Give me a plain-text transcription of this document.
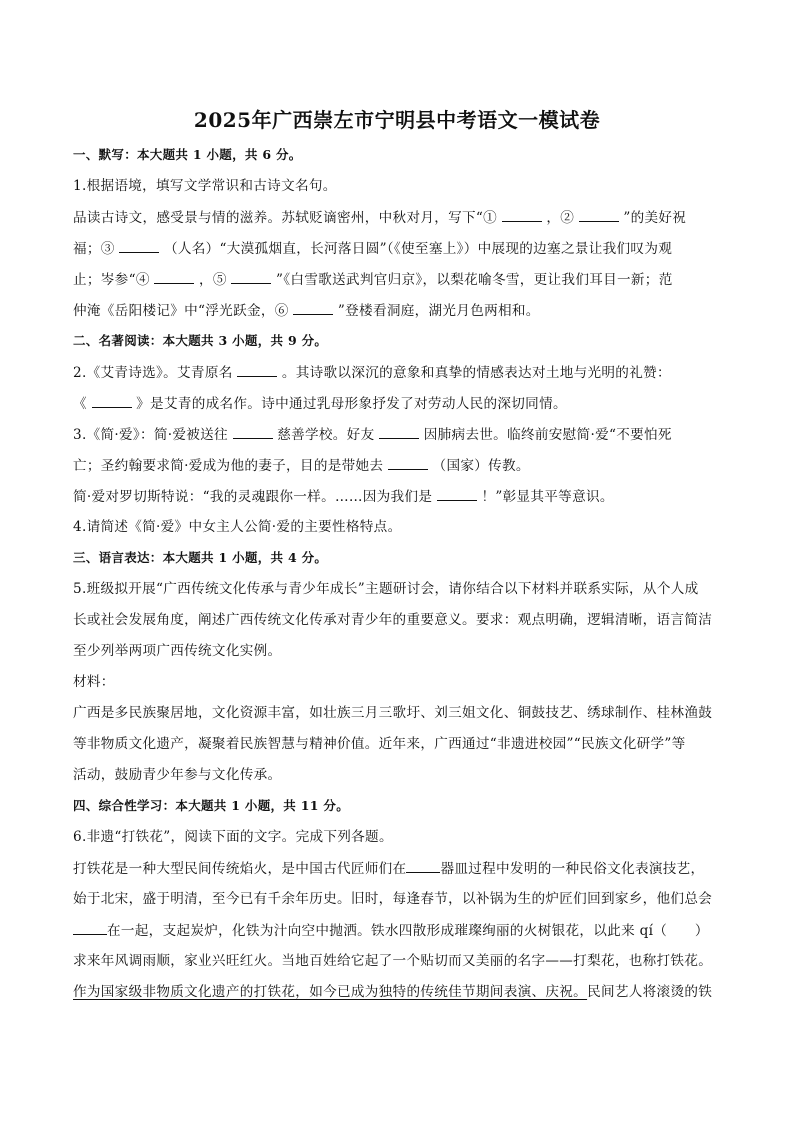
2025年广西崇左市宁明县中考语文一模试卷
一、默写：本大题共 1 小题，共 6 分。
1.根据语境，填写文学常识和古诗文名句。
品读古诗文，感受景与情的滋养。苏轼贬谪密州，中秋对月，写下“①	，②	”的美好祝
福；③	（人名）“大漠孤烟直，长河落日圆”（《使至塞上》）中展现的边塞之景让我们叹为观
止；岑参“④	，⑤	”《白雪歌送武判官归京》，以梨花喻冬雪，更让我们耳目一新；范
仲淹《岳阳楼记》中“浮光跃金，⑥	”登楼看洞庭，湖光月色两相和。
二、名著阅读：本大题共 3 小题，共 9 分。
2.《艾青诗选》。艾青原名	。其诗歌以深沉的意象和真挚的情感表达对土地与光明的礼赞：
《	》是艾青的成名作。诗中通过乳母形象抒发了对劳动人民的深切同情。
3.《简·爱》：简·爱被送往	慈善学校。好友	因肺病去世。临终前安慰简·爱“不要怕死
亡；圣约翰要求简·爱成为他的妻子，目的是带她去	（国家）传教。
简·爱对罗切斯特说：“我的灵魂跟你一样。……因为我们是	！”彰显其平等意识。
4.请简述《简·爱》中女主人公简·爱的主要性格特点。
三、语言表达：本大题共 1 小题，共 4 分。
5.班级拟开展“广西传统文化传承与青少年成长”主题研讨会，请你结合以下材料并联系实际，从个人成
长或社会发展角度，阐述广西传统文化传承对青少年的重要意义。要求：观点明确，逻辑清晰，语言简洁
至少列举两项广西传统文化实例。
材料：
广西是多民族聚居地，文化资源丰富，如壮族三月三歌圩、刘三姐文化、铜鼓技艺、绣球制作、桂林渔鼓
等非物质文化遗产，凝聚着民族智慧与精神价值。近年来，广西通过“非遗进校园”“民族文化研学”等
活动，鼓励青少年参与文化传承。
四、综合性学习：本大题共 1 小题，共 11 分。
6.非遗“打铁花”，阅读下面的文字。完成下列各题。
打铁花是一种大型民间传统焰火，是中国古代匠师们在	器皿过程中发明的一种民俗文化表演技艺，
始于北宋，盛于明清，至今已有千余年历史。旧时，每逢春节，以补锅为生的炉匠们回到家乡，他们总会
在一起，支起炭炉，化铁为汁向空中抛洒。铁水四散形成璀璨绚丽的火树银花，以此来 qí（　　）
求来年风调雨顺，家业兴旺红火。当地百姓给它起了一个贴切而又美丽的名字——打梨花，也称打铁花。
作为国家级非物质文化遗产的打铁花，如今已成为独特的传统佳节期间表演、庆祝。民间艺人将滚烫的铁
